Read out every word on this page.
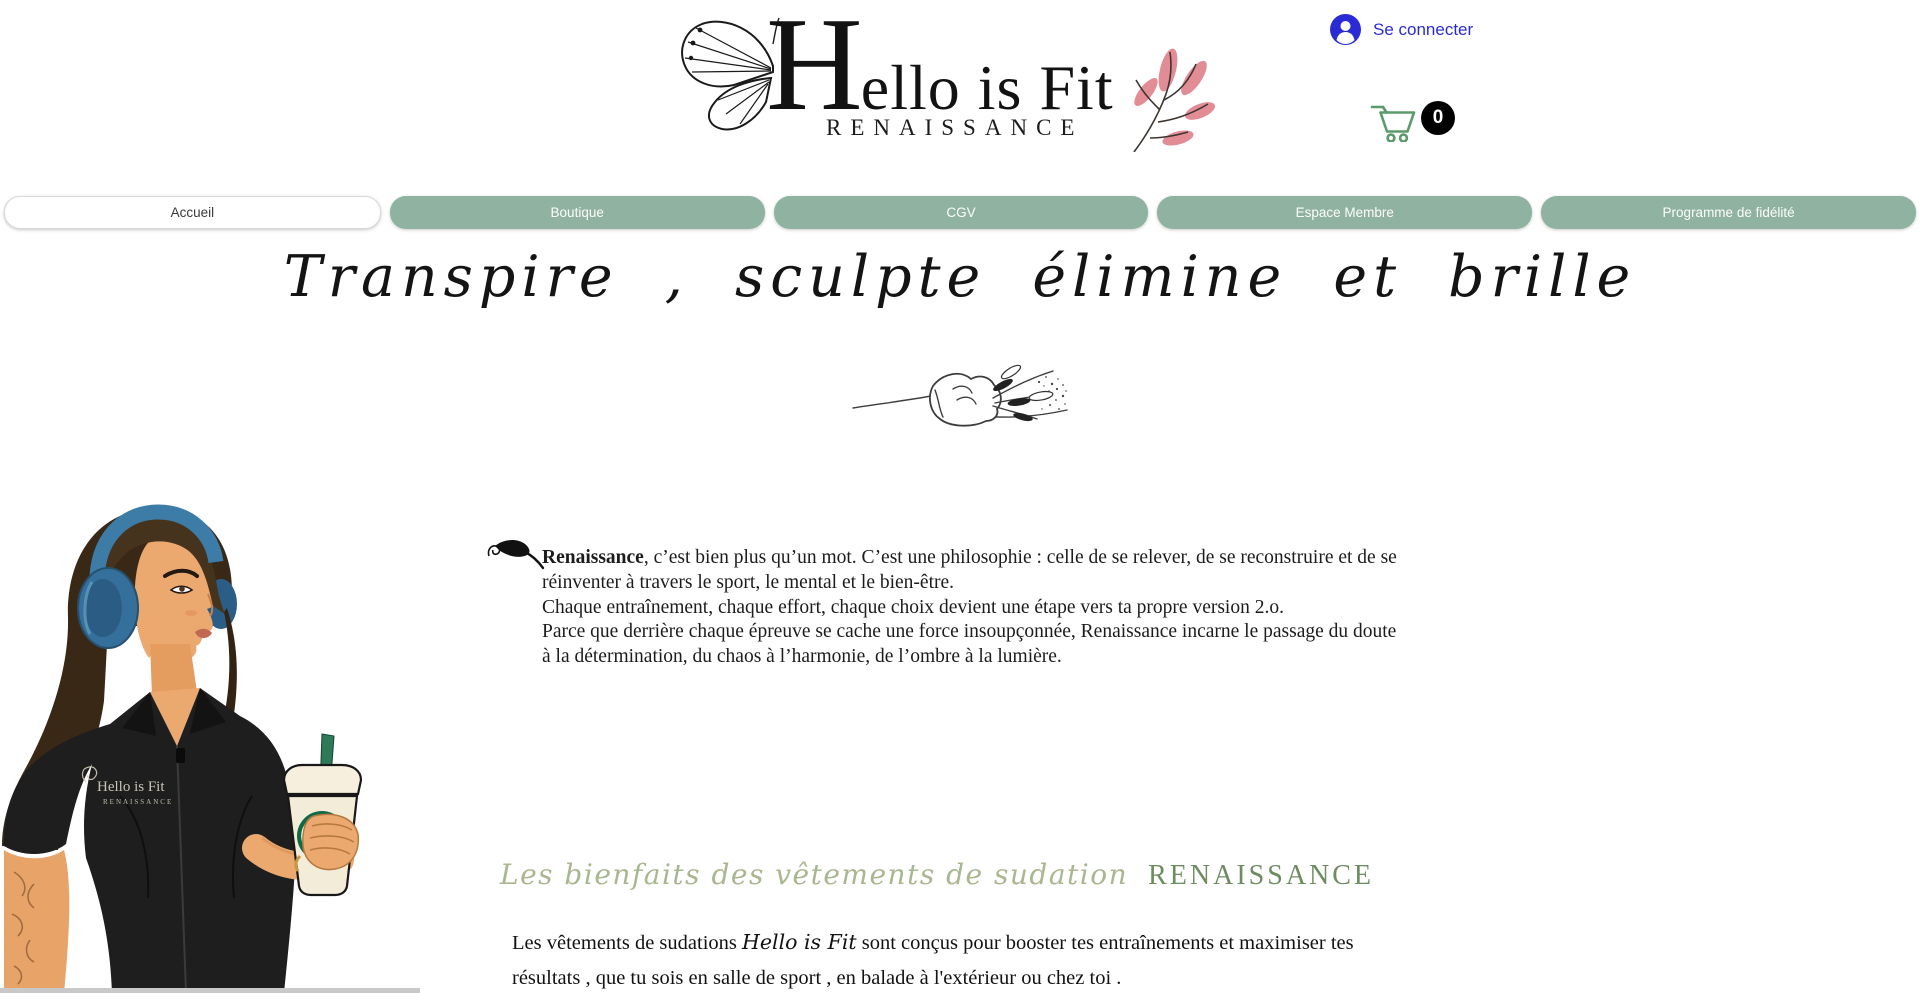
Hello is Fit
RENAISSANCE
Se connecter
0
Accueil	Boutique	CGV	Espace Membre	Programme de fidélité
Transpire , sculpte élimine et brille
Renaissance, c’est bien plus qu’un mot. C’est une philosophie : celle de se relever, de se reconstruire et de se réinventer à travers le sport, le mental et le bien-être.
Chaque entraînement, chaque effort, chaque choix devient une étape vers ta propre version 2.o.
Parce que derrière chaque épreuve se cache une force insoupçonnée, Renaissance incarne le passage du doute à la détermination, du chaos à l’harmonie, de l’ombre à la lumière.
Les bienfaits des vêtements de sudation RENAISSANCE
Les vêtements de sudations Hello is Fit sont conçus pour booster tes entraînements et maximiser tes résultats , que tu sois en salle de sport , en balade à l'extérieur ou chez toi .
Hello is Fit
RENAISSANCE
